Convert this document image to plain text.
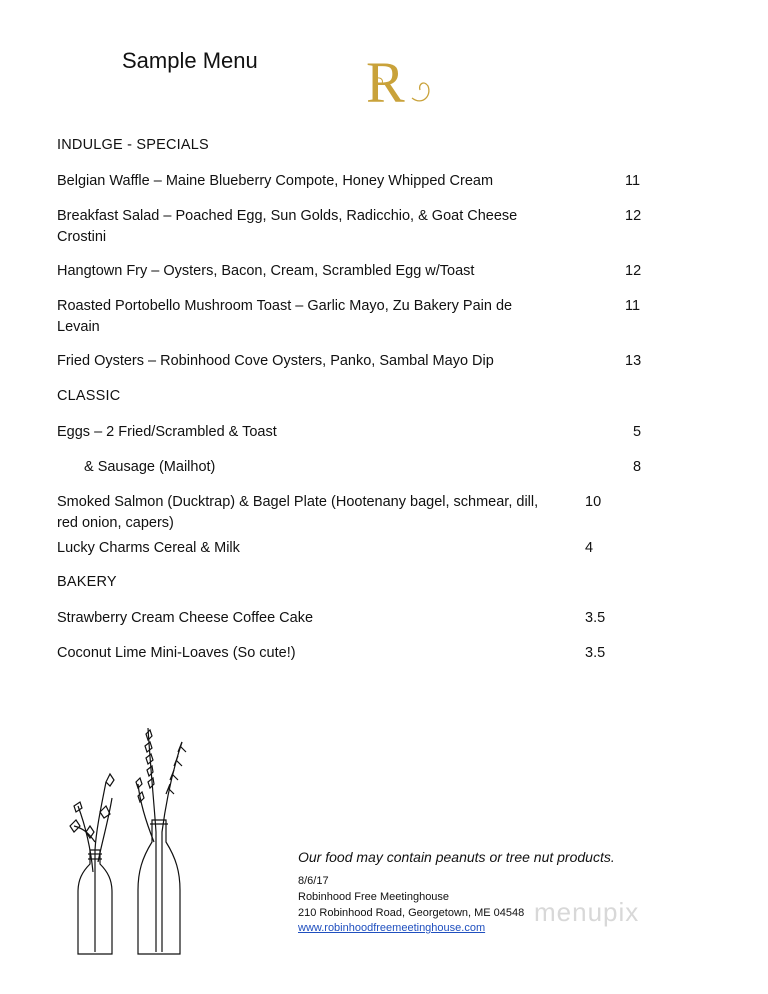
Sample Menu R
INDULGE - SPECIALS
Belgian Waffle – Maine Blueberry Compote, Honey Whipped Cream	11
Breakfast Salad – Poached Egg, Sun Golds, Radicchio, & Goat Cheese
Crostini
12
Hangtown Fry – Oysters, Bacon, Cream, Scrambled Egg w/Toast	12
Roasted Portobello Mushroom Toast – Garlic Mayo, Zu Bakery Pain de
Levain
11
Fried Oysters – Robinhood Cove Oysters, Panko, Sambal Mayo Dip	13
CLASSIC
Eggs – 2 Fried/Scrambled & Toast	5
& Sausage (Mailhot)	8
Smoked Salmon (Ducktrap) & Bagel Plate (Hootenany bagel, schmear, dill,
red onion, capers)
10
Lucky Charms Cereal & Milk	4
BAKERY
Strawberry Cream Cheese Coffee Cake	3.5
Coconut Lime Mini-Loaves (So cute!)	3.5
Our food may contain peanuts or tree nut products.
8/6/17
Robinhood Free Meetinghouse
210 Robinhood Road, Georgetown, ME 04548
www.robinhoodfreemeetinghouse.com
menupix
